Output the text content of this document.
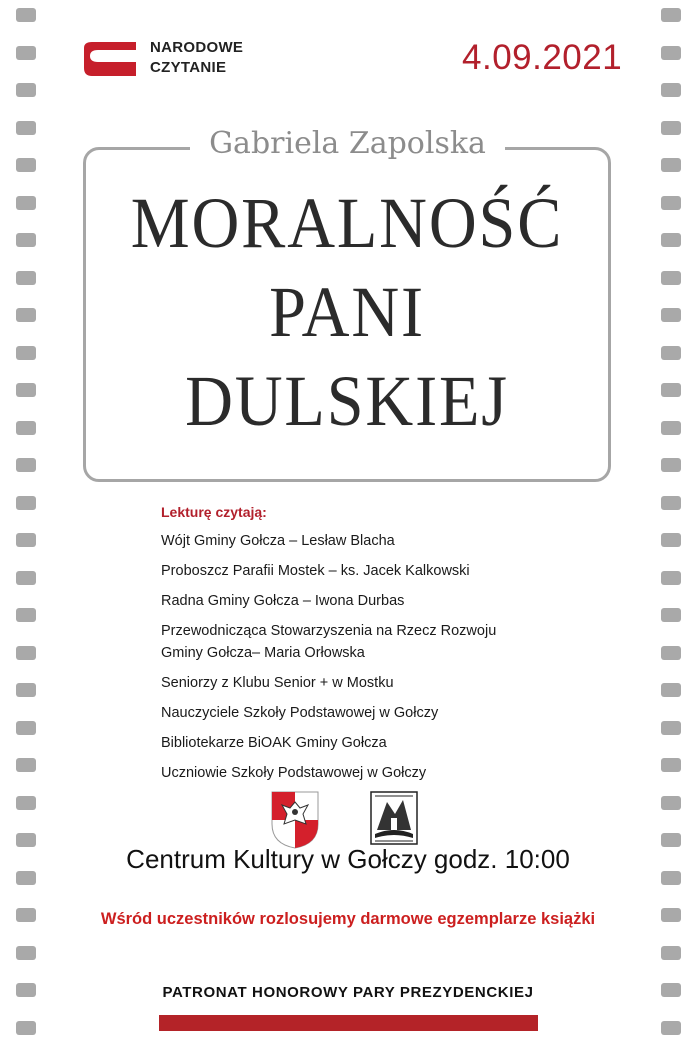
NARODOWE
CZYTANIE	4.09.2021
Gabriela Zapolska
MORALNOŚĆ
PANI
DULSKIEJ
Lekturę czytają:
Wójt Gminy Gołcza – Lesław Blacha
Proboszcz Parafii Mostek – ks. Jacek Kalkowski
Radna Gminy Gołcza – Iwona Durbas
Przewodnicząca Stowarzyszenia na Rzecz Rozwoju
Gminy Gołcza– Maria Orłowska
Seniorzy z Klubu Senior + w Mostku
Nauczyciele Szkoły Podstawowej w Gołczy
Bibliotekarze BiOAK Gminy Gołcza
Uczniowie Szkoły Podstawowej w Gołczy
Centrum Kultury w Gołczy godz. 10:00
Wśród uczestników rozlosujemy darmowe egzemplarze książki
PATRONAT HONOROWY PARY PREZYDENCKIEJ
